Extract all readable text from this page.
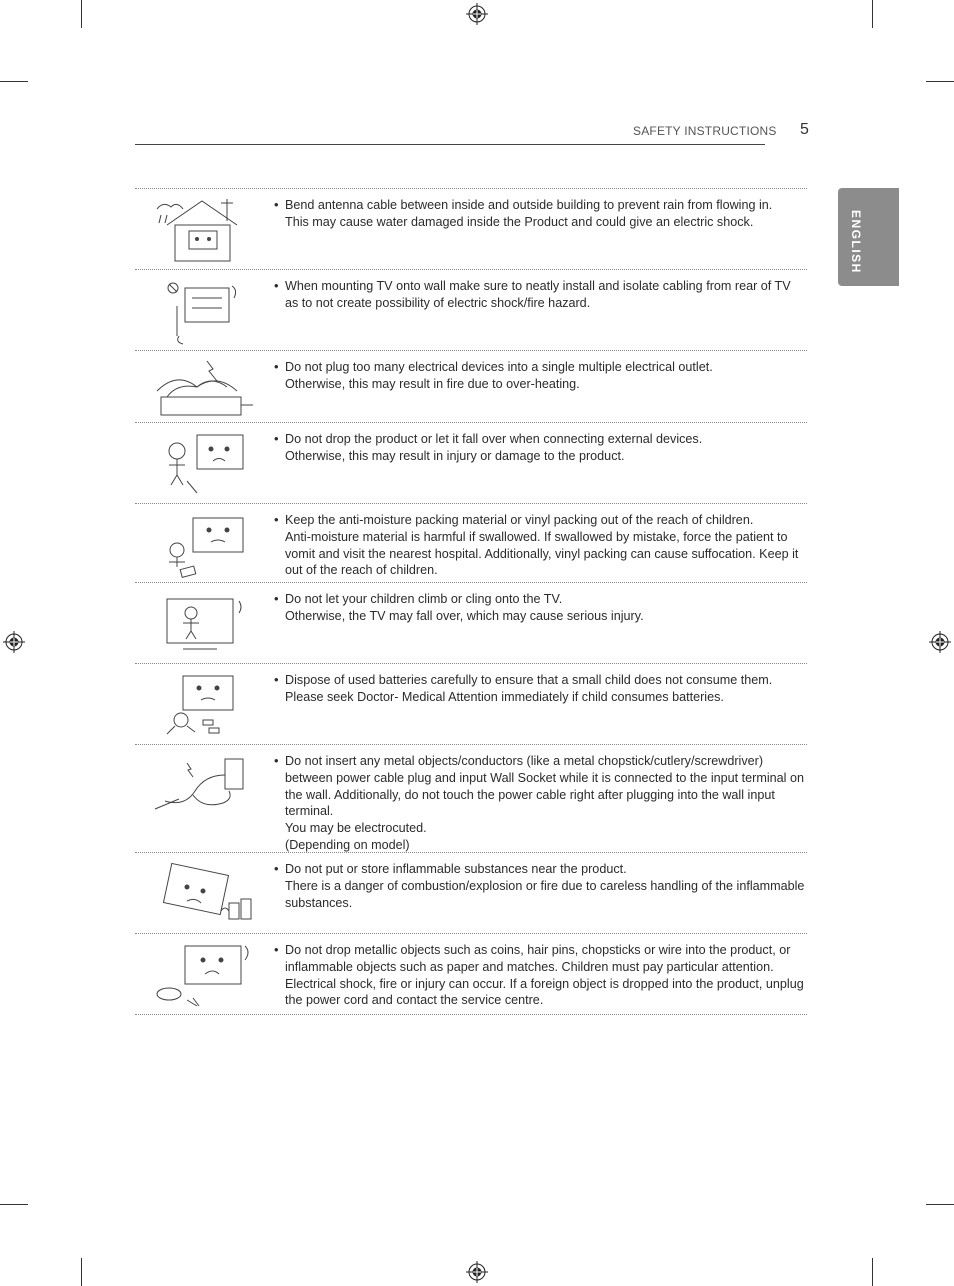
SAFETY INSTRUCTIONS 5
ENGLISH
• Bend antenna cable between inside and outside building to prevent rain from flowing in.
This may cause water damaged inside the Product and could give an electric shock.
• When mounting TV onto wall make sure to neatly install and isolate cabling from rear of TV as to not create possibility of electric shock/fire hazard.
• Do not plug too many electrical devices into a single multiple electrical outlet.
Otherwise, this may result in fire due to over-heating.
• Do not drop the product or let it fall over when connecting external devices.
Otherwise, this may result in injury or damage to the product.
• Keep the anti-moisture packing material or vinyl packing out of the reach of children.
Anti-moisture material is harmful if swallowed. If swallowed by mistake, force the patient to vomit and visit the nearest hospital. Additionally, vinyl packing can cause suffocation. Keep it out of the reach of children.
• Do not let your children climb or cling onto the TV.
Otherwise, the TV may fall over, which may cause serious injury.
• Dispose of used batteries carefully to ensure that a small child does not consume them.
Please seek Doctor- Medical Attention immediately if child consumes batteries.
• Do not insert any metal objects/conductors (like a metal chopstick/cutlery/screwdriver) between power cable plug and input Wall Socket while it is connected to the input terminal on the wall. Additionally, do not touch the power cable right after plugging into the wall input terminal.
You may be electrocuted.
(Depending on model)
• Do not put or store inflammable substances near the product.
There is a danger of combustion/explosion or fire due to careless handling of the inflammable substances.
• Do not drop metallic objects such as coins, hair pins, chopsticks or wire into the product, or inflammable objects such as paper and matches. Children must pay particular attention. Electrical shock, fire or injury can occur. If a foreign object is dropped into the product, unplug the power cord and contact the service centre.
